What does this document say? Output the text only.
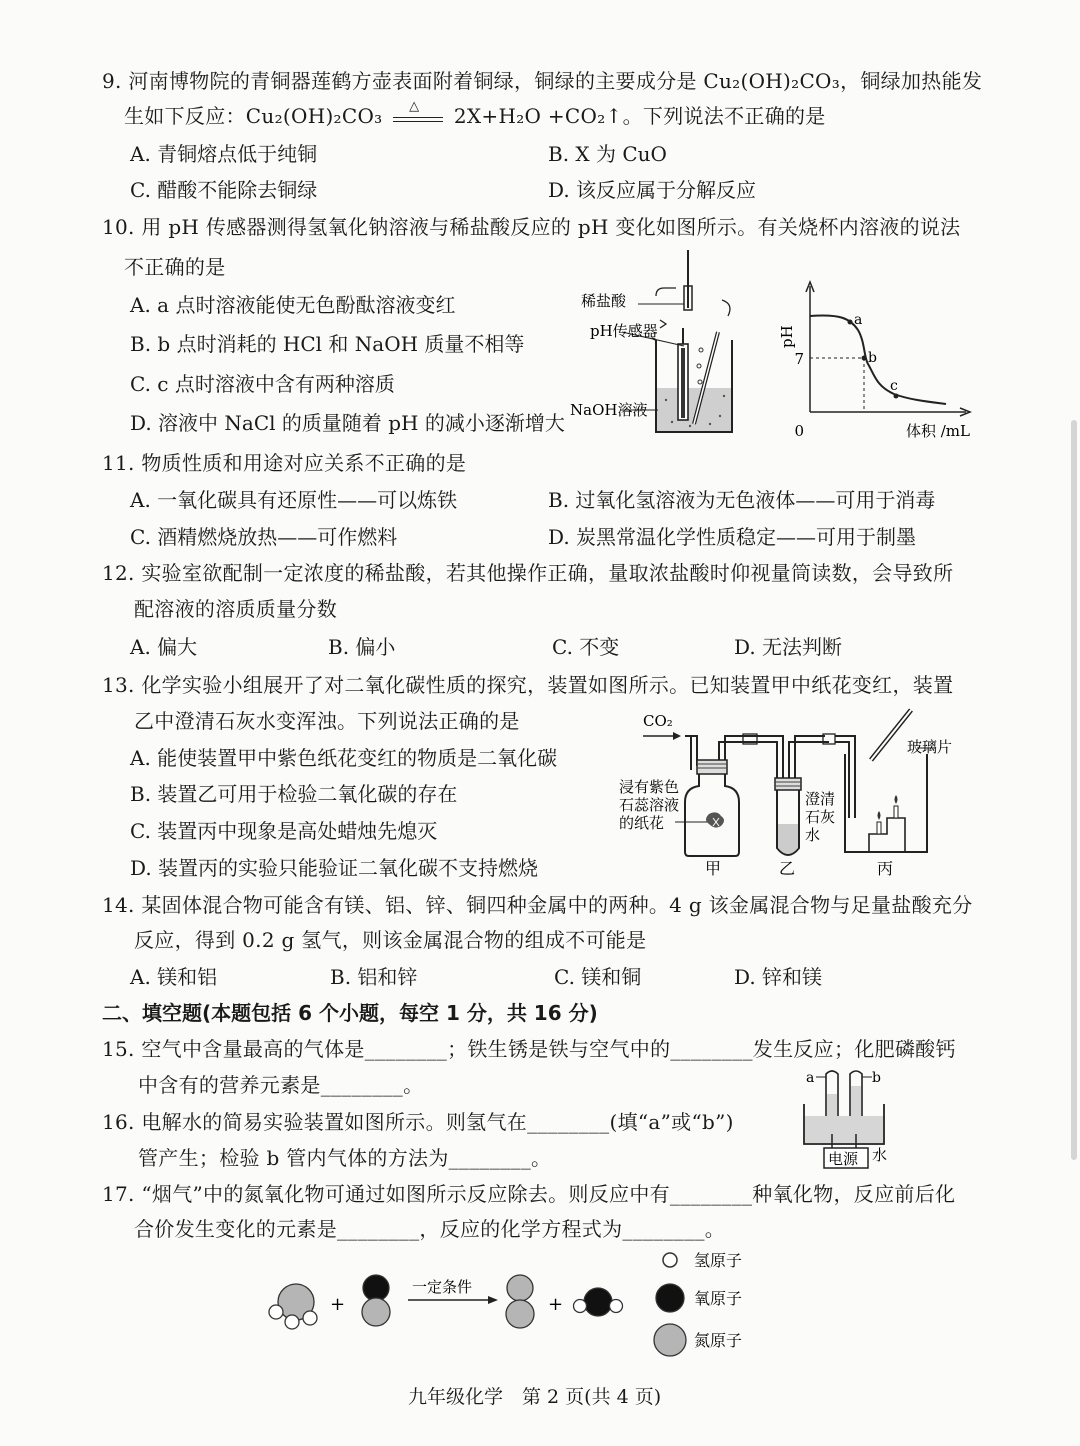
9. 河南博物院的青铜器莲鹤方壶表面附着铜绿，铜绿的主要成分是 Cu₂(OH)₂CO₃，铜绿加热能发
生如下反应：Cu₂(OH)₂CO₃ △ 2X+H₂O +CO₂↑。下列说法不正确的是
A. 青铜熔点低于纯铜	B. X 为 CuO
C. 醋酸不能除去铜绿	D. 该反应属于分解反应
10. 用 pH 传感器测得氢氧化钠溶液与稀盐酸反应的 pH 变化如图所示。有关烧杯内溶液的说法
不正确的是
A. a 点时溶液能使无色酚酞溶液变红
B. b 点时消耗的 HCl 和 NaOH 质量不相等
C. c 点时溶液中含有两种溶质
D. 溶液中 NaCl 的质量随着 pH 的减小逐渐增大
稀盐酸
pH传感器
NaOH溶液
a
b
c
pH
7
0	体积 /mL
11. 物质性质和用途对应关系不正确的是
A. 一氧化碳具有还原性——可以炼铁	B. 过氧化氢溶液为无色液体——可用于消毒
C. 酒精燃烧放热——可作燃料	D. 炭黑常温化学性质稳定——可用于制墨
12. 实验室欲配制一定浓度的稀盐酸，若其他操作正确，量取浓盐酸时仰视量筒读数，会导致所
配溶液的溶质质量分数
A. 偏大	B. 偏小	C. 不变	D. 无法判断
13. 化学实验小组展开了对二氧化碳性质的探究，装置如图所示。已知装置甲中纸花变红，装置
乙中澄清石灰水变浑浊。下列说法正确的是
A. 能使装置甲中紫色纸花变红的物质是二氧化碳
B. 装置乙可用于检验二氧化碳的存在
C. 装置丙中现象是高处蜡烛先熄灭
D. 装置丙的实验只能验证二氧化碳不支持燃烧
CO₂
玻璃片
浸有紫色
石蕊溶液
的纸花
澄清
石灰
水
甲	乙	丙
14. 某固体混合物可能含有镁、铝、锌、铜四种金属中的两种。4 g 该金属混合物与足量盐酸充分
反应，得到 0.2 g 氢气，则该金属混合物的组成不可能是
A. 镁和铝	B. 铝和锌	C. 镁和铜	D. 锌和镁
二、填空题(本题包括 6 个小题，每空 1 分，共 16 分)
15. 空气中含量最高的气体是________；铁生锈是铁与空气中的________发生反应；化肥磷酸钙
中含有的营养元素是________。
16. 电解水的简易实验装置如图所示。则氢气在________(填“a”或“b”)
管产生；检验 b 管内气体的方法为________。
a	b
电源 水
17. “烟气”中的氮氧化物可通过如图所示反应除去。则反应中有________种氧化物，反应前后化
合价发生变化的元素是________，反应的化学方程式为________。
+
一定条件
+
氢原子
氧原子
氮原子
九年级化学　第 2 页(共 4 页)
